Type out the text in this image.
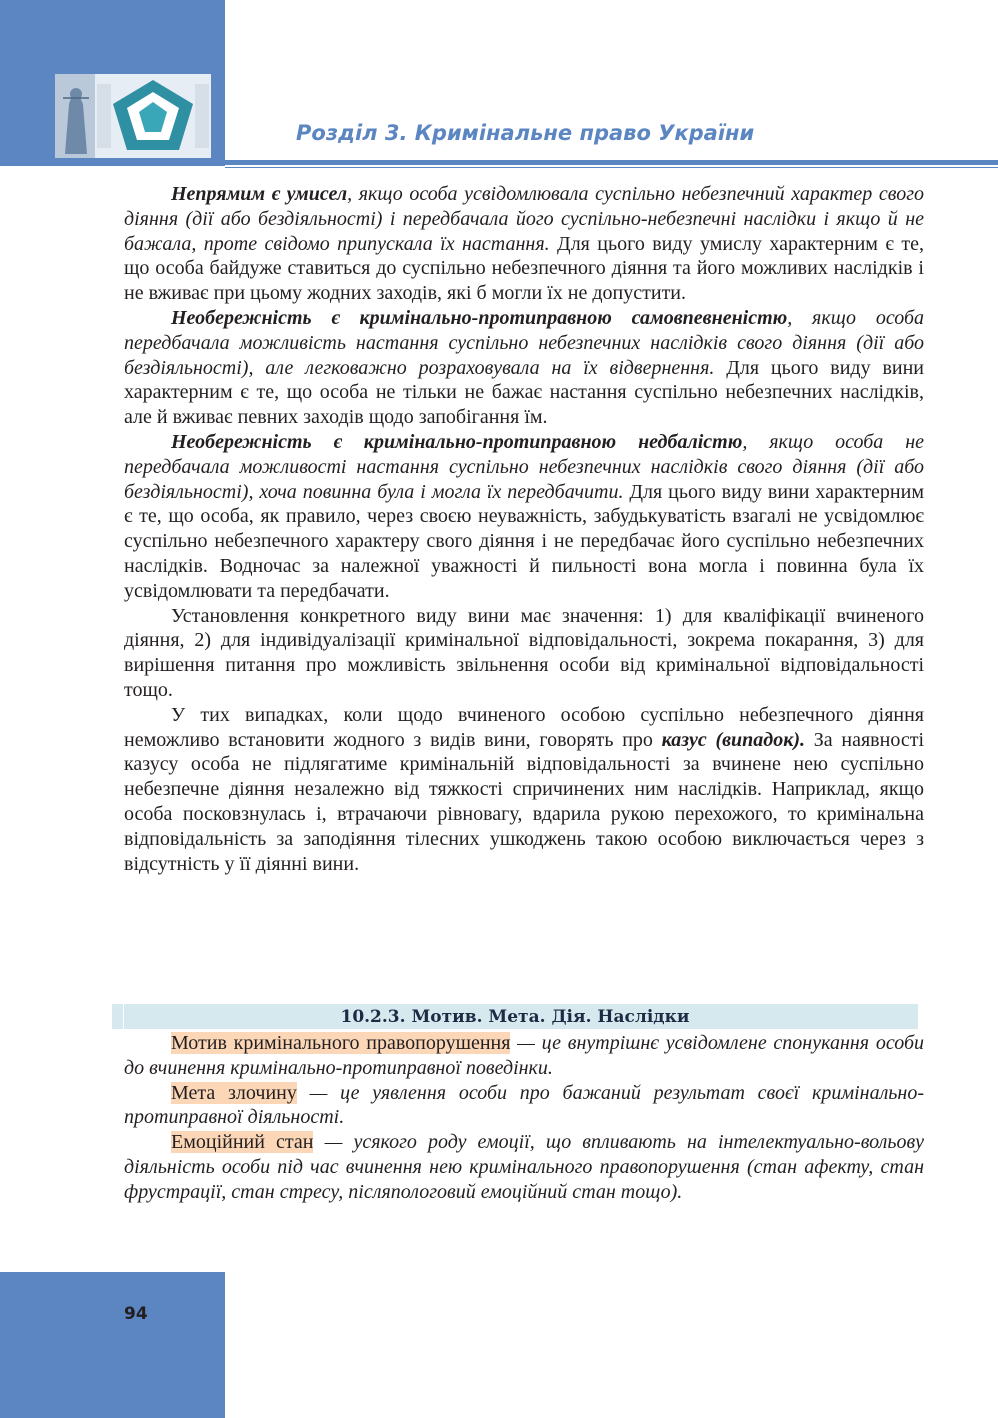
Розділ 3. Кримінальне право України

Непрямим є умисел, якщо особа усвідомлювала суспільно небезпечний характер свого діяння (дії або бездіяльності) і передбачала його суспільно-небезпечні наслідки і якщо й не бажала, проте свідомо припускала їх настання. Для цього виду умислу характерним є те, що особа байдуже ставиться до суспільно небезпечного діяння та його можливих наслідків і не вживає при цьому жодних заходів, які б могли їх не допустити.

Необережність є кримінально-протиправною самовпевненістю, якщо особа передбачала можливість настання суспільно небезпечних наслідків свого діяння (дії або бездіяльності), але легковажно розраховувала на їх відвернення. Для цього виду вини характерним є те, що особа не тільки не бажає настання суспільно небезпечних наслідків, але й вживає певних заходів щодо запобігання їм.

Необережність є кримінально-протиправною недбалістю, якщо особа не передбачала можливості настання суспільно небезпечних наслідків свого діяння (дії або бездіяльності), хоча повинна була і могла їх передбачити. Для цього виду вини характерним є те, що особа, як правило, через своєю неуважність, забудькуватість взагалі не усвідомлює суспільно небезпечного характеру свого діяння і не передбачає його суспільно небезпечних наслідків. Водночас за належної уважності й пильності вона могла і повинна була їх усвідомлювати та передбачати.

Установлення конкретного виду вини має значення: 1) для кваліфікації вчиненого діяння, 2) для індивідуалізації кримінальної відповідальності, зокрема покарання, 3) для вирішення питання про можливість звільнення особи від кримінальної відповідальності тощо.

У тих випадках, коли щодо вчиненого особою суспільно небезпечного діяння неможливо встановити жодного з видів вини, говорять про казус (випадок). За наявності казусу особа не підлягатиме кримінальній відповідальності за вчинене нею суспільно небезпечне діяння незалежно від тяжкості спричинених ним наслідків. Наприклад, якщо особа посковзнулась і, втрачаючи рівновагу, вдарила рукою перехожого, то кримінальна відповідальність за заподіяння тілесних ушкоджень такою особою виключається через з відсутність у її діянні вини.

10.2.3. Мотив. Мета. Дія. Наслідки

Мотив кримінального правопорушення — це внутрішнє усвідомлене спонукання особи до вчинення кримінально-протиправної поведінки.

Мета злочину — це уявлення особи про бажаний результат своєї кримінально-протиправної діяльності.

Емоційний стан — усякого роду емоції, що впливають на інтелектуально-вольову діяльність особи під час вчинення нею кримінального правопорушення (стан афекту, стан фрустрації, стан стресу, післяпологовий емоційний стан тощо).

94
